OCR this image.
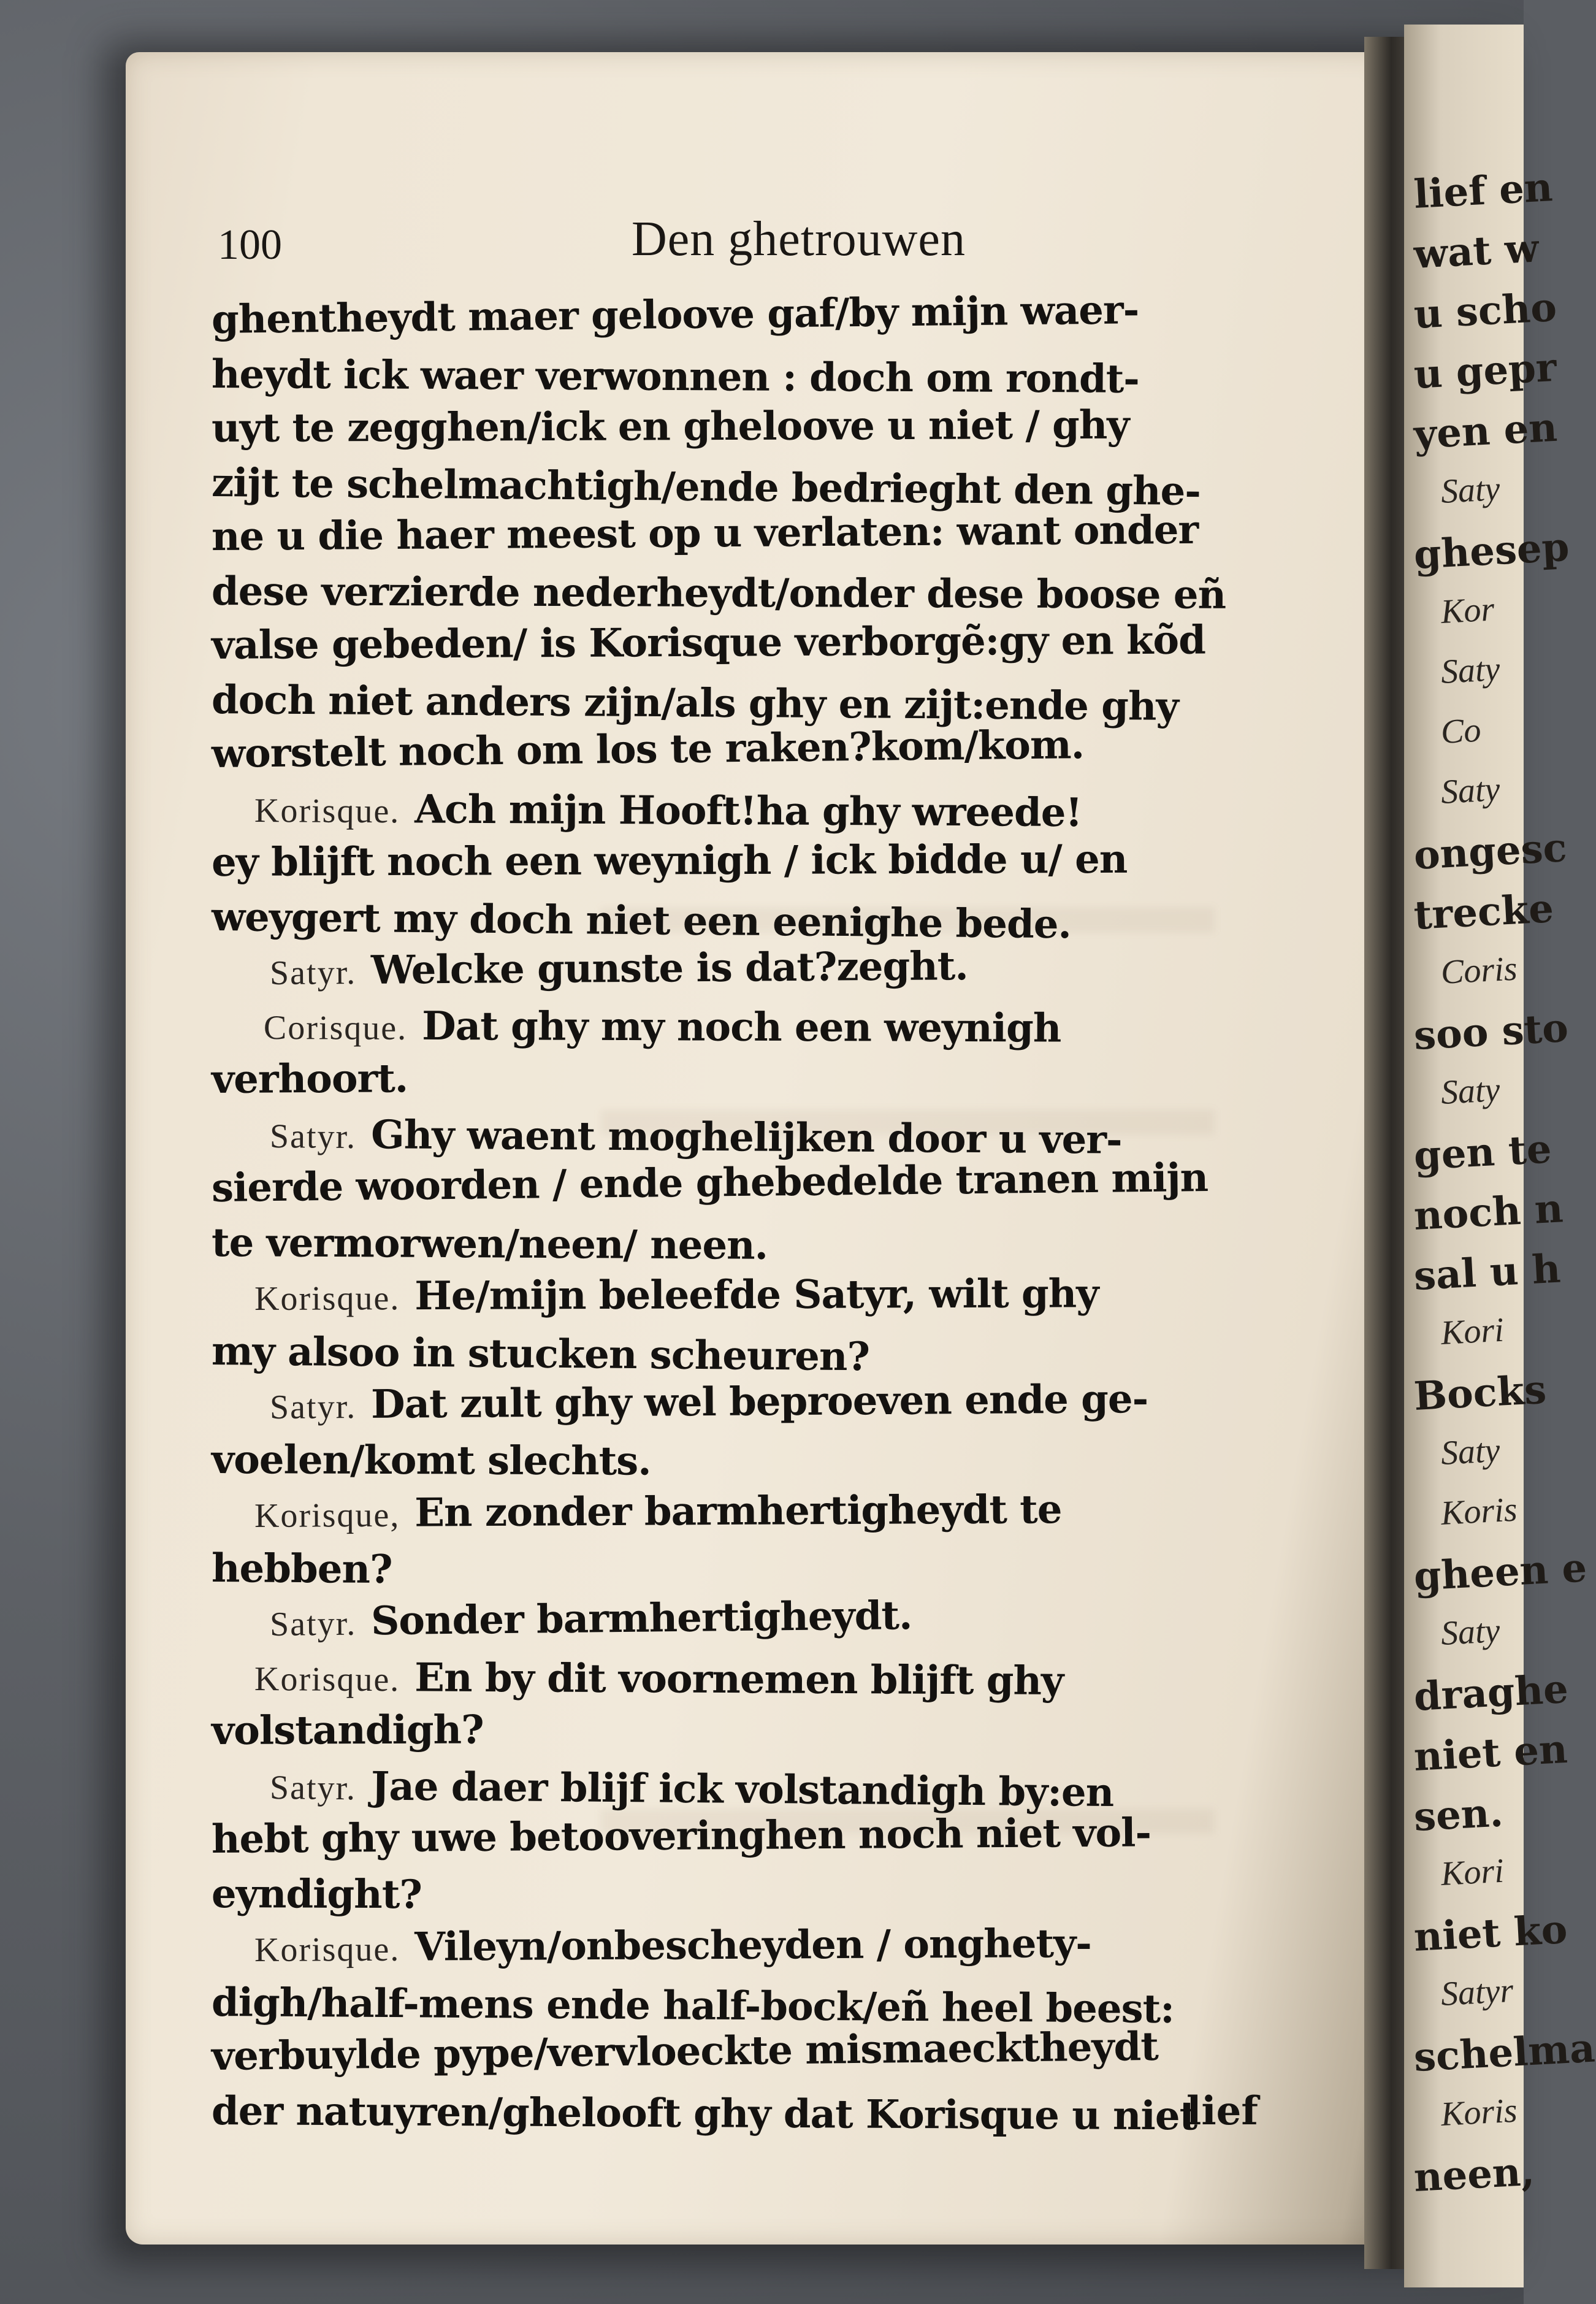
lief en
wat w
u scho
u gepr
yen en
Saty
ghesep
Kor
Saty
Co
Saty
ongesc
trecke
Coris
soo sto
Saty
gen te
noch n
sal u h
Kori
Bocks
Saty
Koris
gheen e
Saty
draghe
niet en
sen.
Kori
niet ko
Satyr
schelma
Koris
neen,
100	Den ghetrouwen
ghentheydt maer geloove gaf/by mijn waer-
heydt ick waer verwonnen : doch om rondt-
uyt te zegghen/ick en gheloove u niet / ghy
zijt te schelmachtigh/ende bedrieght den ghe-
ne u die haer meest op u verlaten: want onder
dese verzierde nederheydt/onder dese boose eñ
valse gebeden/ is Korisque verborgẽ:gy en kõd
doch niet anders zijn/als ghy en zijt:ende ghy
worstelt noch om los te raken?kom/kom.
Korisque. Ach mijn Hooft!ha ghy wreede!
ey blijft noch een weynigh / ick bidde u/ en
weygert my doch niet een eenighe bede.
Satyr. Welcke gunste is dat?zeght.
Corisque. Dat ghy my noch een weynigh
verhoort.
Satyr. Ghy waent moghelijken door u ver-
sierde woorden / ende ghebedelde tranen mijn
te vermorwen/neen/ neen.
Korisque. He/mijn beleefde Satyr, wilt ghy
my alsoo in stucken scheuren?
Satyr. Dat zult ghy wel beproeven ende ge-
voelen/komt slechts.
Korisque, En zonder barmhertigheydt te
hebben?
Satyr. Sonder barmhertigheydt.
Korisque. En by dit voornemen blijft ghy
volstandigh?
Satyr. Jae daer blijf ick volstandigh by:en
hebt ghy uwe betooveringhen noch niet vol-
eyndight?
Korisque. Vileyn/onbescheyden / onghety-
digh/half-mens ende half-bock/eñ heel beest:
verbuylde pype/vervloeckte mismaecktheydt
der natuyren/ghelooft ghy dat Korisque u niet
lief
